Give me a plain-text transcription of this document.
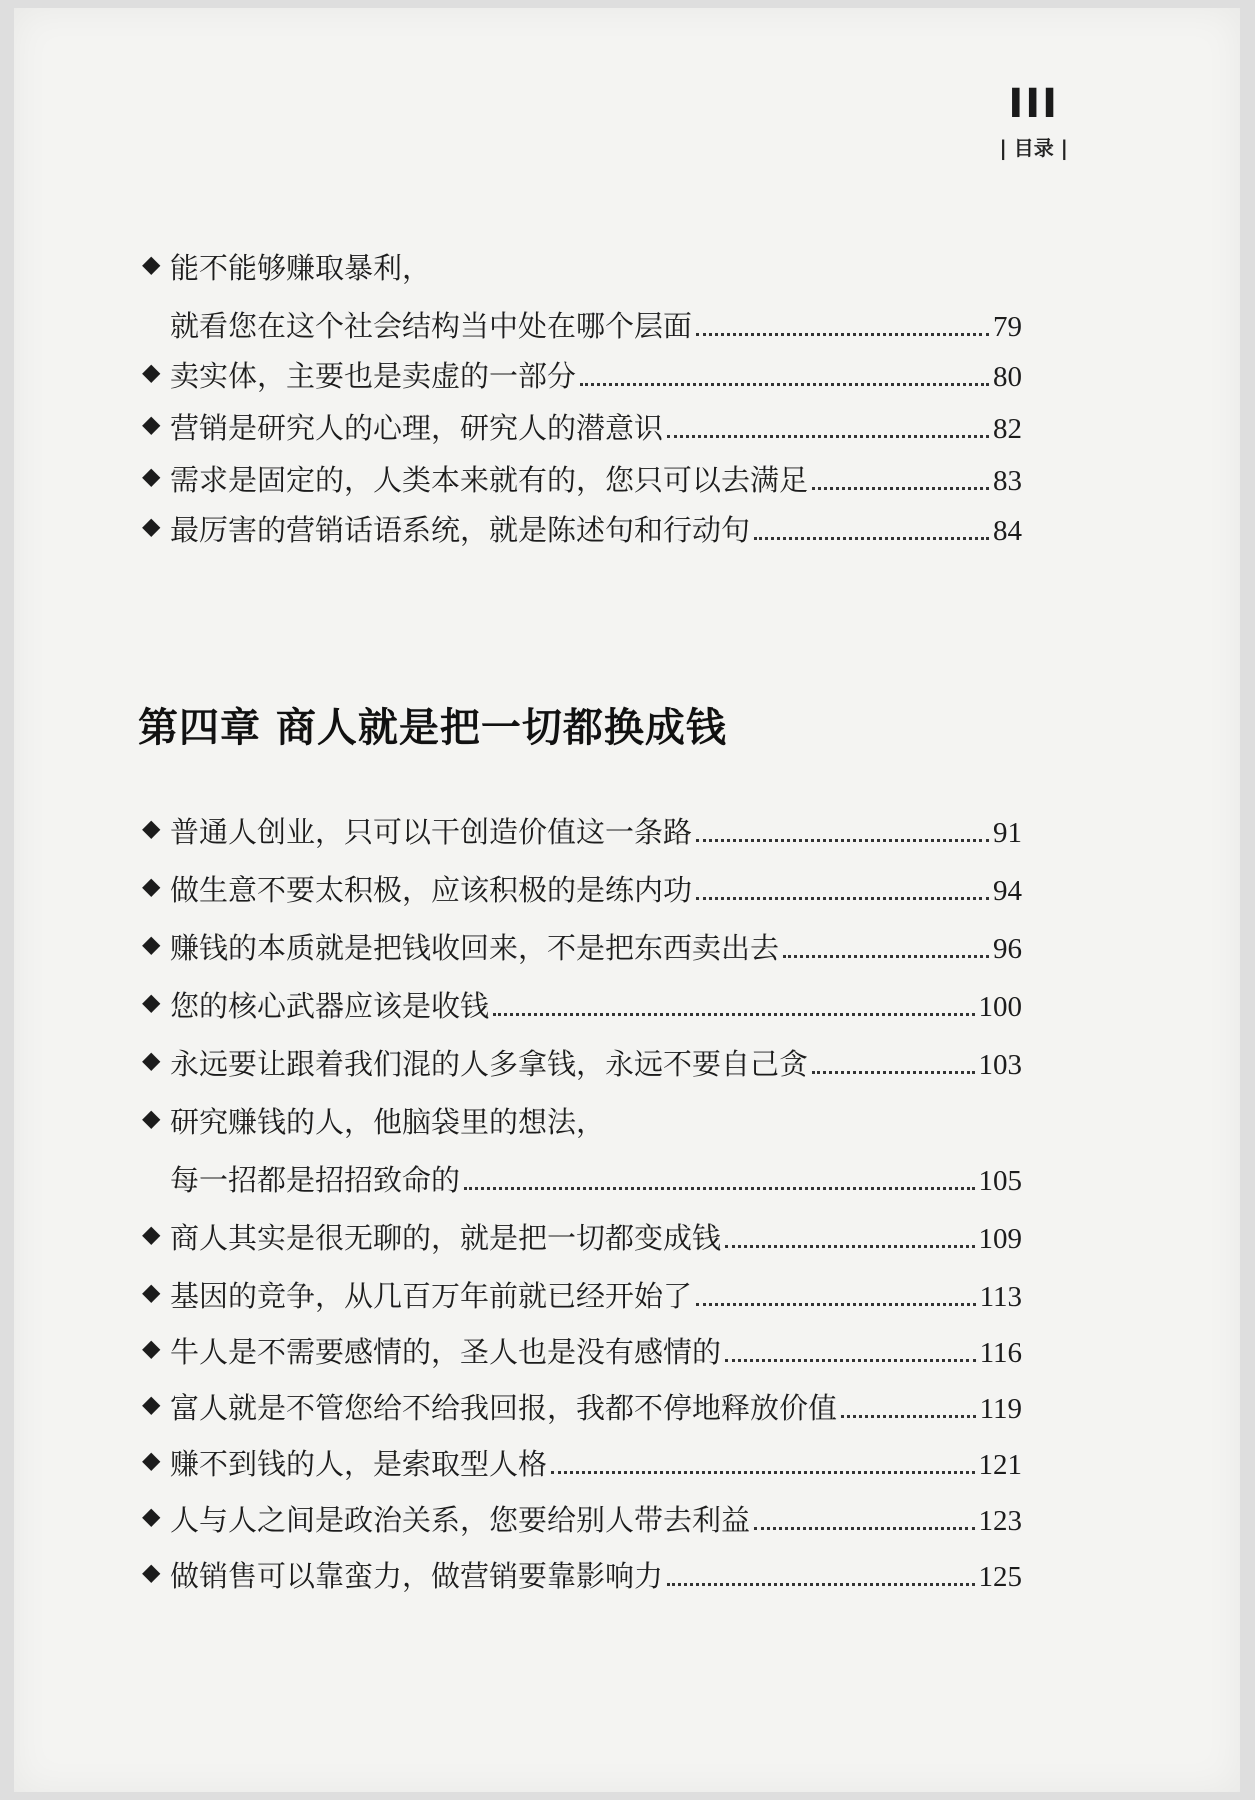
III
| 目录 |
◆ 能不能够赚取暴利，
就看您在这个社会结构当中处在哪个层面	79
◆ 卖实体，主要也是卖虚的一部分	80
◆ 营销是研究人的心理，研究人的潜意识	82
◆ 需求是固定的，人类本来就有的，您只可以去满足	83
◆ 最厉害的营销话语系统，就是陈述句和行动句	84
第四章 商人就是把一切都换成钱
◆ 普通人创业，只可以干创造价值这一条路	91
◆ 做生意不要太积极，应该积极的是练内功	94
◆ 赚钱的本质就是把钱收回来，不是把东西卖出去	96
◆ 您的核心武器应该是收钱	100
◆ 永远要让跟着我们混的人多拿钱，永远不要自己贪	103
◆ 研究赚钱的人，他脑袋里的想法，
每一招都是招招致命的	105
◆ 商人其实是很无聊的，就是把一切都变成钱	109
◆ 基因的竞争，从几百万年前就已经开始了	113
◆ 牛人是不需要感情的，圣人也是没有感情的	116
◆ 富人就是不管您给不给我回报，我都不停地释放价值	119
◆ 赚不到钱的人，是索取型人格	121
◆ 人与人之间是政治关系，您要给别人带去利益	123
◆ 做销售可以靠蛮力，做营销要靠影响力	125
